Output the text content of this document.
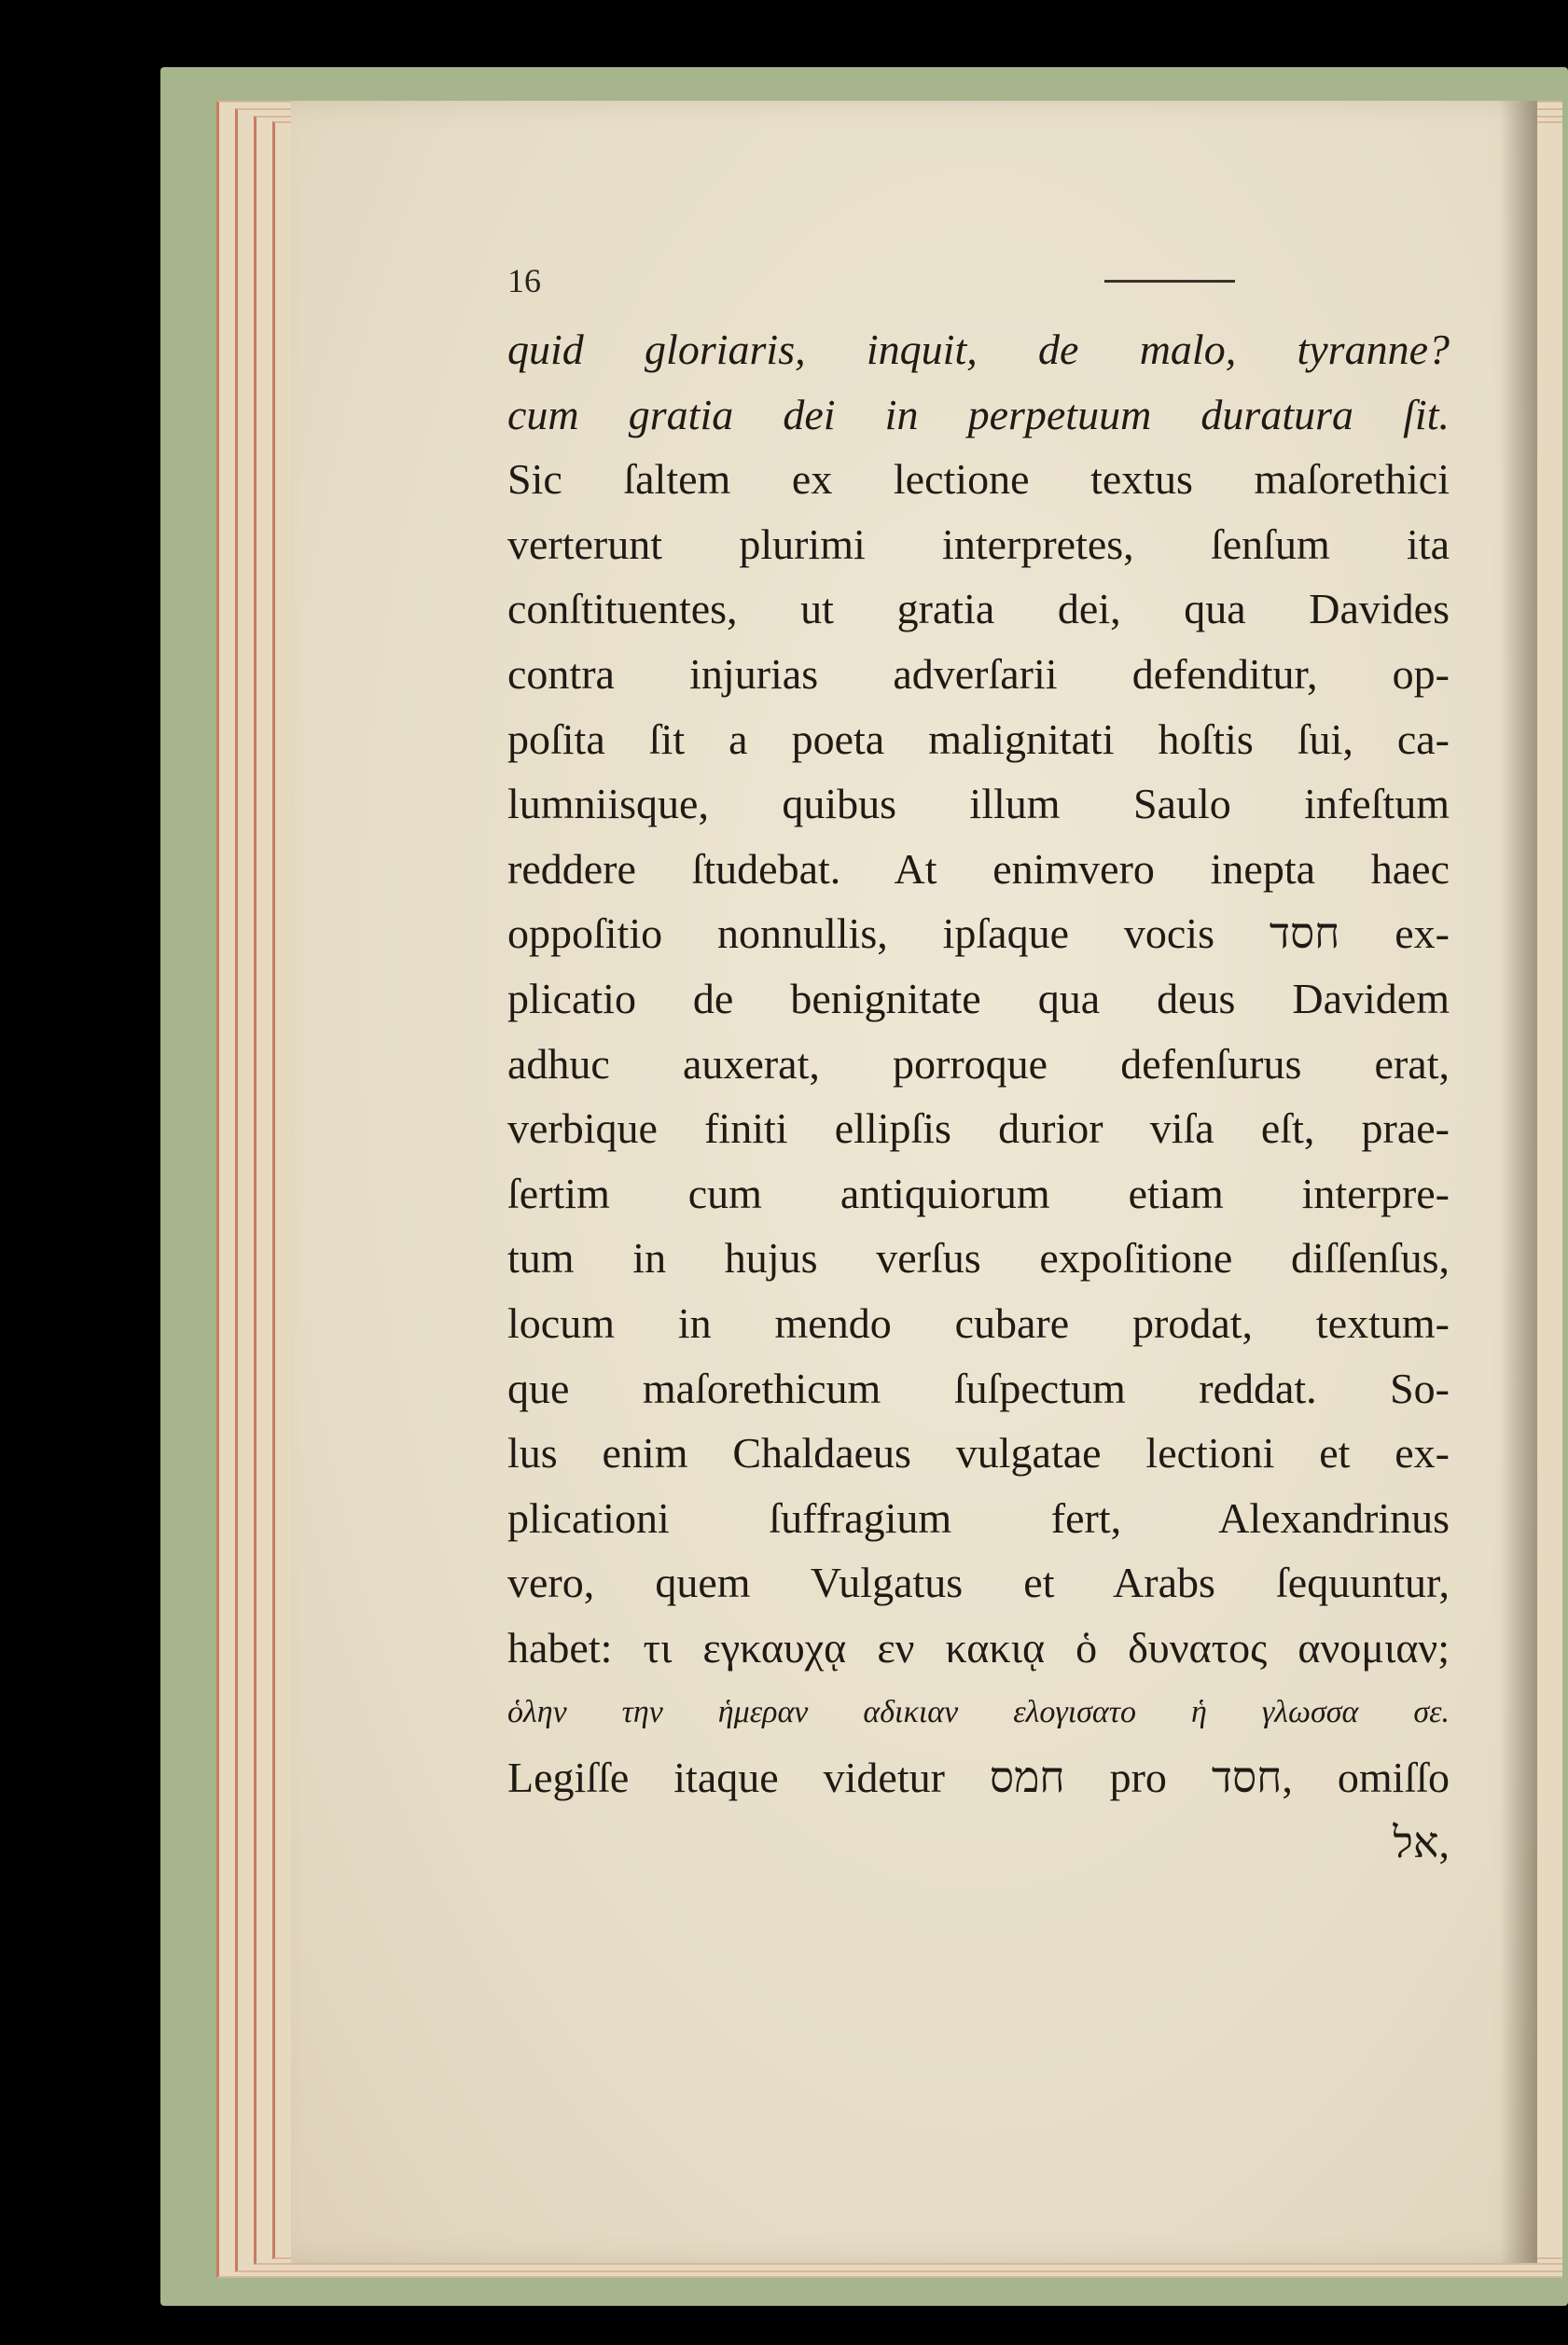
16
quid gloriaris, inquit, de malo, tyranne?
cum gratia dei in perpetuum duratura ſit.
Sic ſaltem ex lectione textus maſorethici
verterunt plurimi interpretes, ſenſum ita
conſtituentes, ut gratia dei, qua Davides
contra injurias adverſarii defenditur, op-
poſita ſit a poeta malignitati hoſtis ſui, ca-
lumniisque, quibus illum Saulo infeſtum
reddere ſtudebat. At enimvero inepta haec
oppoſitio nonnullis, ipſaque vocis חסד ex-
plicatio de benignitate qua deus Davidem
adhuc auxerat, porroque defenſurus erat,
verbique finiti ellipſis durior viſa eſt, prae-
ſertim cum antiquiorum etiam interpre-
tum in hujus verſus expoſitione diſſenſus,
locum in mendo cubare prodat, textum-
que maſorethicum ſuſpectum reddat. So-
lus enim Chaldaeus vulgatae lectioni et ex-
plicationi ſuffragium fert, Alexandrinus
vero, quem Vulgatus et Arabs ſequuntur,
habet: τι εγκαυχᾳ εν κακιᾳ ὁ δυνατος ανομιαν;
ὁλην την ἡμεραν αδικιαν ελογισατο ἡ γλωσσα σε.
Legiſſe itaque videtur חמס pro חסד, omiſſo
אל,
